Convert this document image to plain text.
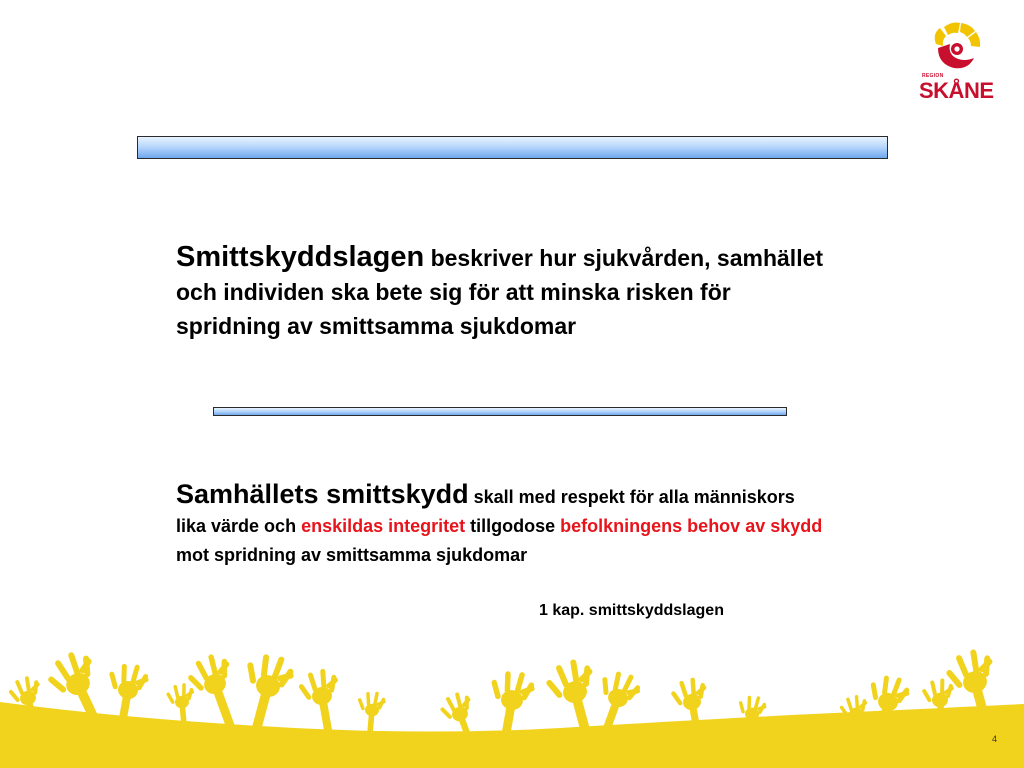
REGION
SKÅNE
Smittskyddslagen beskriver hur sjukvården, samhället och individen ska bete sig för att minska risken för spridning av smittsamma sjukdomar
Samhällets smittskydd skall med respekt för alla människors lika värde och enskildas integritet tillgodose befolkningens behov av skydd mot spridning av smittsamma sjukdomar
1 kap. smittskyddslagen
4
